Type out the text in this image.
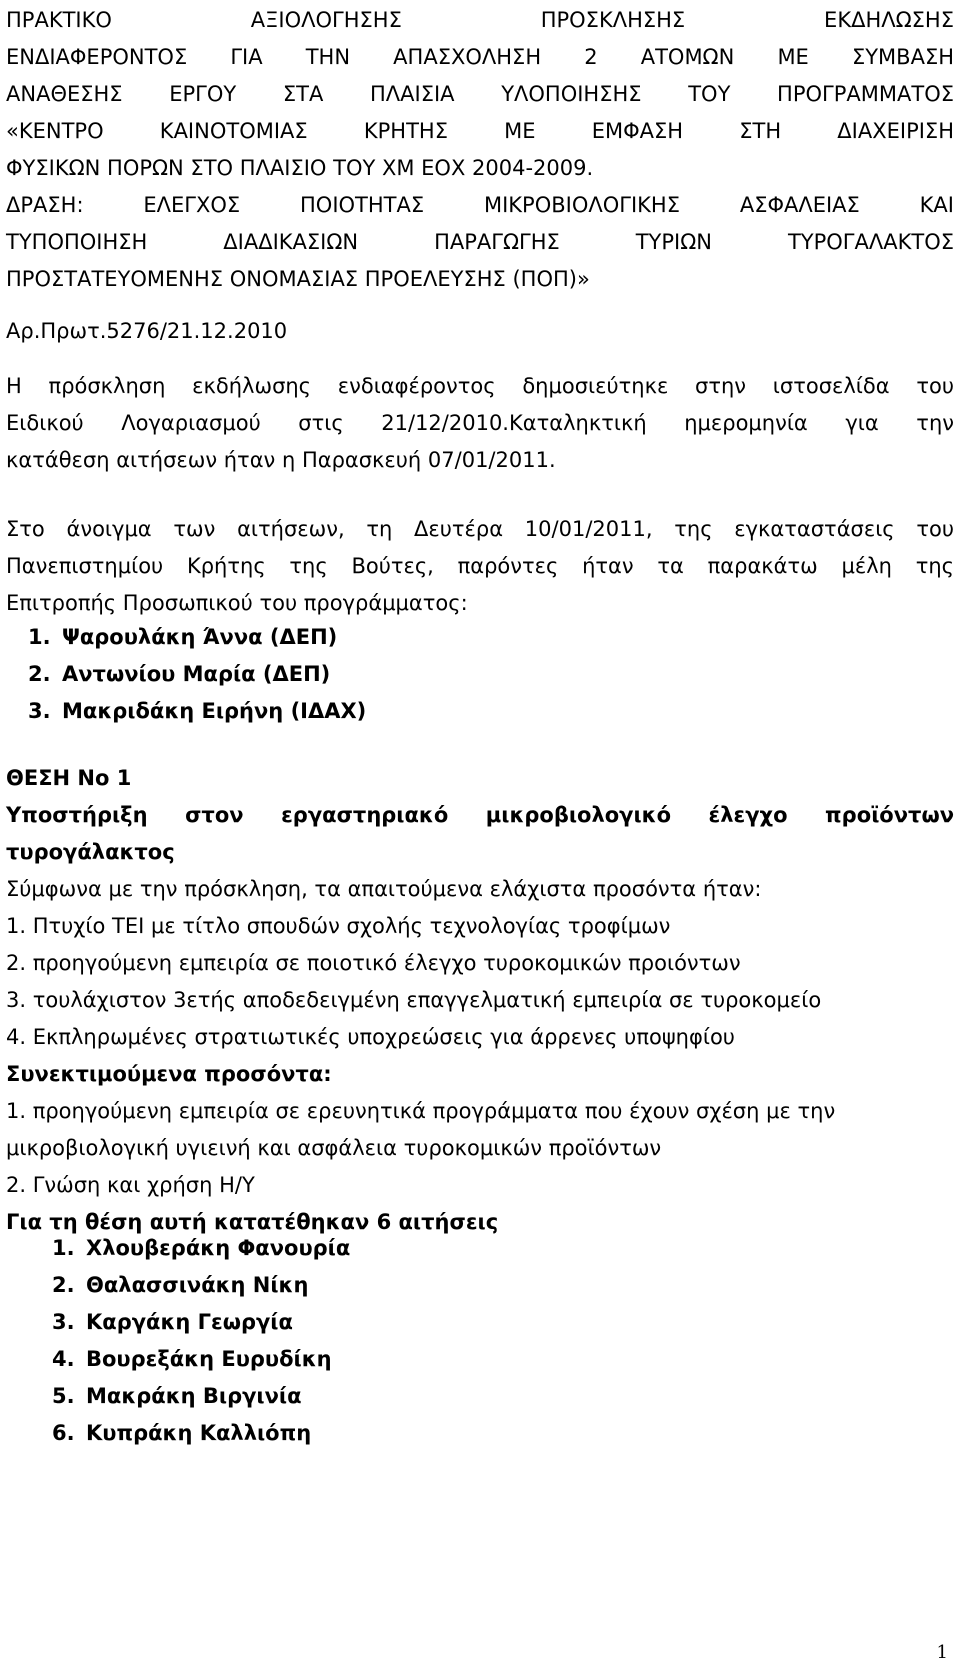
ΠΡΑΚΤΙΚΟ ΑΞΙΟΛΟΓΗΣΗΣ ΠΡΟΣΚΛΗΣΗΣ ΕΚΔΗΛΩΣΗΣ
ΕΝΔΙΑΦΕΡΟΝΤΟΣ ΓΙΑ ΤΗΝ ΑΠΑΣΧΟΛΗΣΗ 2 ΑΤΟΜΩΝ ΜΕ ΣΥΜΒΑΣΗ
ΑΝΑΘΕΣΗΣ ΕΡΓΟΥ ΣΤΑ ΠΛΑΙΣΙΑ ΥΛΟΠΟΙΗΣΗΣ ΤΟΥ ΠΡΟΓΡΑΜΜΑΤΟΣ
«ΚΕΝΤΡΟ ΚΑΙΝΟΤΟΜΙΑΣ ΚΡΗΤΗΣ ΜΕ ΕΜΦΑΣΗ ΣΤΗ ΔΙΑΧΕΙΡΙΣΗ
ΦΥΣΙΚΩΝ ΠΟΡΩΝ ΣΤΟ ΠΛΑΙΣΙΟ ΤΟΥ ΧΜ ΕΟΧ 2004-2009.
ΔΡΑΣΗ: ΕΛΕΓΧΟΣ ΠΟΙΟΤΗΤΑΣ ΜΙΚΡΟΒΙΟΛΟΓΙΚΗΣ ΑΣΦΑΛΕΙΑΣ ΚΑΙ
ΤΥΠΟΠΟΙΗΣΗ ΔΙΑΔΙΚΑΣΙΩΝ ΠΑΡΑΓΩΓΗΣ ΤΥΡΙΩΝ ΤΥΡΟΓΑΛΑΚΤΟΣ
ΠΡΟΣΤΑΤΕΥΟΜΕΝΗΣ ΟΝΟΜΑΣΙΑΣ ΠΡΟΕΛΕΥΣΗΣ (ΠΟΠ)»
Αρ.Πρωτ.5276/21.12.2010
Η πρόσκληση εκδήλωσης ενδιαφέροντος δημοσιεύτηκε στην ιστοσελίδα του
Ειδικού Λογαριασμού στις 21/12/2010.Καταληκτική ημερομηνία για την
κατάθεση αιτήσεων ήταν η Παρασκευή 07/01/2011.
Στο άνοιγμα των αιτήσεων, τη Δευτέρα 10/01/2011, της εγκαταστάσεις του
Πανεπιστημίου Κρήτης της Βούτες, παρόντες ήταν τα παρακάτω μέλη της
Επιτροπής Προσωπικού του προγράμματος:
1. Ψαρουλάκη Άννα (ΔΕΠ)
2. Αντωνίου Μαρία (ΔΕΠ)
3. Μακριδάκη Ειρήνη (ΙΔΑΧ)
ΘΕΣΗ Νο 1
Υποστήριξη στον εργαστηριακό μικροβιολογικό έλεγχο προϊόντων
τυρογάλακτος
Σύμφωνα με την πρόσκληση, τα απαιτούμενα ελάχιστα προσόντα ήταν:
1. Πτυχίο ΤΕΙ με τίτλο σπουδών σχολής τεχνολογίας τροφίμων
2. προηγούμενη εμπειρία σε ποιοτικό έλεγχο τυροκομικών προιόντων
3. τουλάχιστον 3ετής αποδεδειγμένη επαγγελματική εμπειρία σε τυροκομείο
4. Εκπληρωμένες στρατιωτικές υποχρεώσεις για άρρενες υποψηφίου
Συνεκτιμούμενα προσόντα:
1. προηγούμενη εμπειρία σε ερευνητικά προγράμματα που έχουν σχέση με την
μικροβιολογική υγιεινή και ασφάλεια τυροκομικών προϊόντων
2. Γνώση και χρήση Η/Υ
Για τη θέση αυτή κατατέθηκαν 6 αιτήσεις
1. Χλουβεράκη Φανουρία
2. Θαλασσινάκη Νίκη
3. Καργάκη Γεωργία
4. Βουρεξάκη Ευρυδίκη
5. Μακράκη Βιργινία
6. Κυπράκη Καλλιόπη
1
